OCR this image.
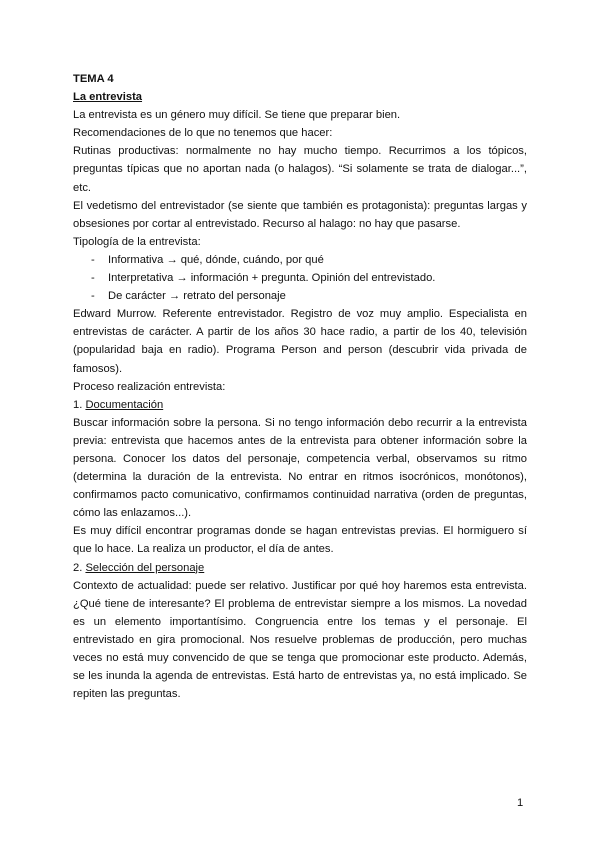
TEMA 4

La entrevista

La entrevista es un género muy difícil. Se tiene que preparar bien.

Recomendaciones de lo que no tenemos que hacer:

Rutinas productivas: normalmente no hay mucho tiempo. Recurrimos a los tópicos, preguntas típicas que no aportan nada (o halagos). “Si solamente se trata de dialogar...”, etc.

El vedetismo del entrevistador (se siente que también es protagonista): preguntas largas y obsesiones por cortar al entrevistado. Recurso al halago: no hay que pasarse.

Tipología de la entrevista:

- Informativa → qué, dónde, cuándo, por qué
- Interpretativa → información + pregunta. Opinión del entrevistado.
- De carácter → retrato del personaje

Edward Murrow. Referente entrevistador. Registro de voz muy amplio. Especialista en entrevistas de carácter. A partir de los años 30 hace radio, a partir de los 40, televisión (popularidad baja en radio). Programa Person and person (descubrir vida privada de famosos).

Proceso realización entrevista:

1. Documentación

Buscar información sobre la persona. Si no tengo información debo recurrir a la entrevista previa: entrevista que hacemos antes de la entrevista para obtener información sobre la persona. Conocer los datos del personaje, competencia verbal, observamos su ritmo (determina la duración de la entrevista. No entrar en ritmos isocrónicos, monótonos), confirmamos pacto comunicativo, confirmamos continuidad narrativa (orden de preguntas, cómo las enlazamos...).

Es muy difícil encontrar programas donde se hagan entrevistas previas. El hormiguero sí que lo hace. La realiza un productor, el día de antes.

2. Selección del personaje

Contexto de actualidad: puede ser relativo. Justificar por qué hoy haremos esta entrevista. ¿Qué tiene de interesante? El problema de entrevistar siempre a los mismos. La novedad es un elemento importantísimo. Congruencia entre los temas y el personaje. El entrevistado en gira promocional. Nos resuelve problemas de producción, pero muchas veces no está muy convencido de que se tenga que promocionar este producto. Además, se les inunda la agenda de entrevistas. Está harto de entrevistas ya, no está implicado. Se repiten las preguntas.

1
